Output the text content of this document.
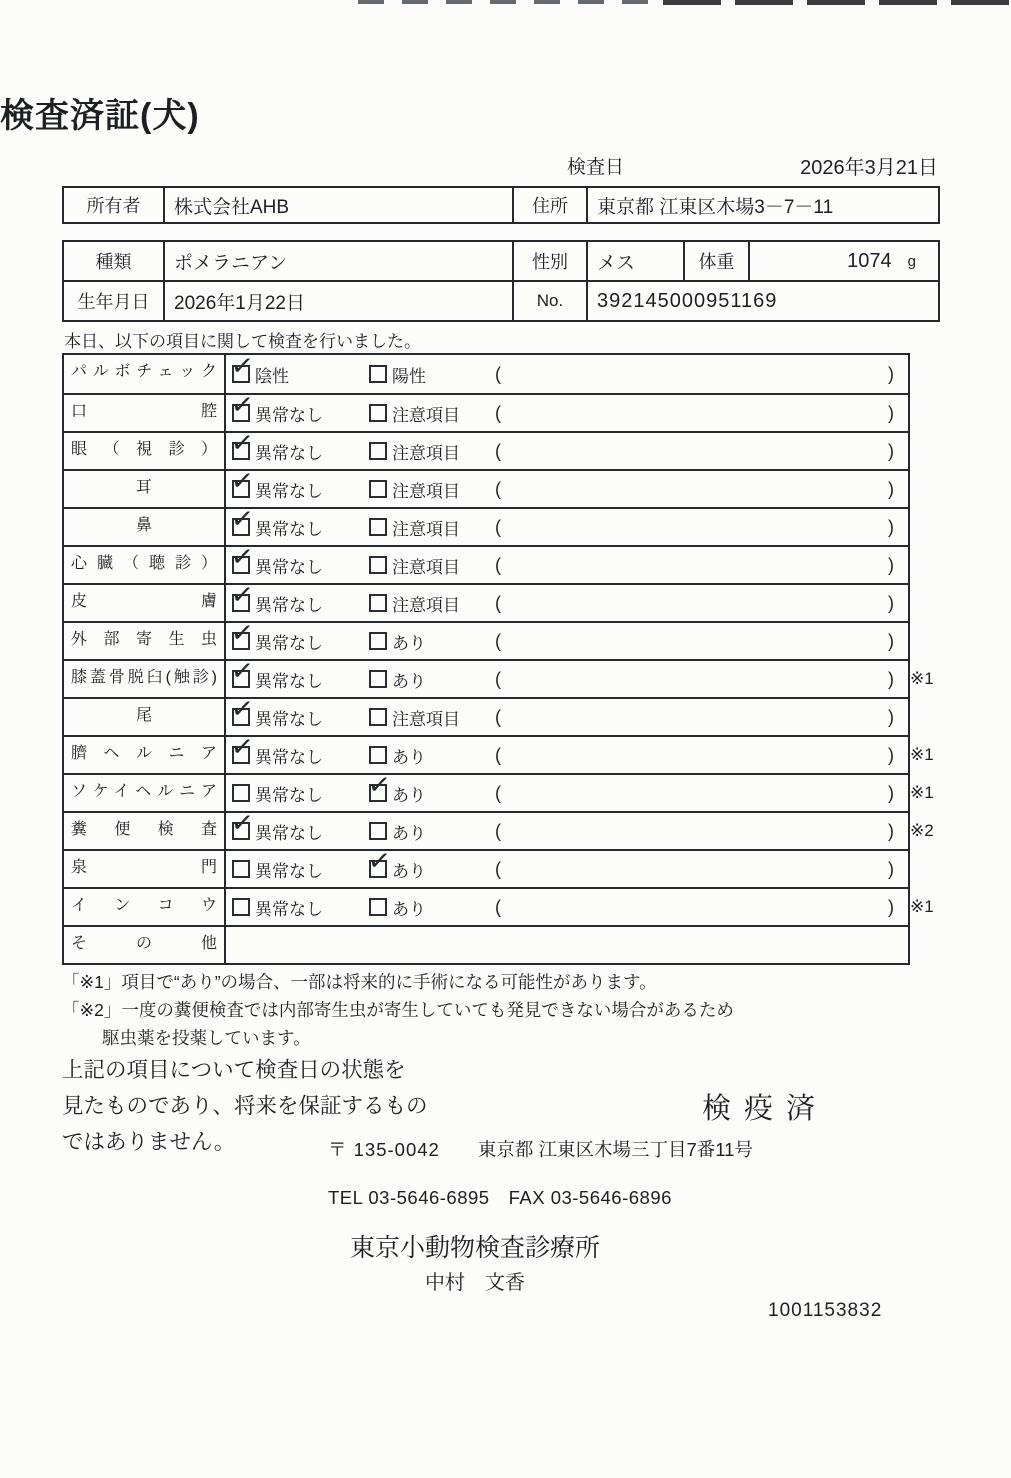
検査済証(犬)
検査日	2026年3月21日
所有者	株式会社AHB	住所	東京都 江東区木場3－7－11
種類	ポメラニアン	性別	メス	体重	1074 g
生年月日	2026年1月22日	No.	392145000951169
本日、以下の項目に関して検査を行いました。
パルボチェック ✓ 陰性	陽性	(	)
口腔 ✓ 異常なし	注意項目 (	)
眼（視診） ✓ 異常なし	注意項目 (	)
耳	✓ 異常なし	注意項目 (	)
鼻	✓ 異常なし	注意項目 (	)
心臓（聴診） ✓ 異常なし	注意項目 (	)
皮膚 ✓ 異常なし	注意項目 (	)
外部寄生虫 ✓ 異常なし	あり	(	)
膝蓋骨脱臼(触診) ✓ 異常なし	あり	(	) ※1
尾	✓ 異常なし	注意項目 (	)
臍ヘルニア ✓ 異常なし	あり	(	) ※1
ソケイヘルニア	異常なし ✓ あり	(	) ※1
糞便検査 ✓ 異常なし	あり	(	) ※2
泉門	異常なし ✓ あり	(	)
インコウ	異常なし	あり	(	) ※1
その他
「※1」項目で“あり”の場合、一部は将来的に手術になる可能性があります。
「※2」一度の糞便検査では内部寄生虫が寄生していても発見できない場合があるため
駆虫薬を投薬しています。
上記の項目について検査日の状態を
見たものであり、将来を保証するもの
ではありません。
検疫済
〒 135-0042 東京都 江東区木場三丁目7番11号
TEL 03-5646-6895　FAX 03-5646-6896
東京小動物検査診療所
中村　文香
1001153832
